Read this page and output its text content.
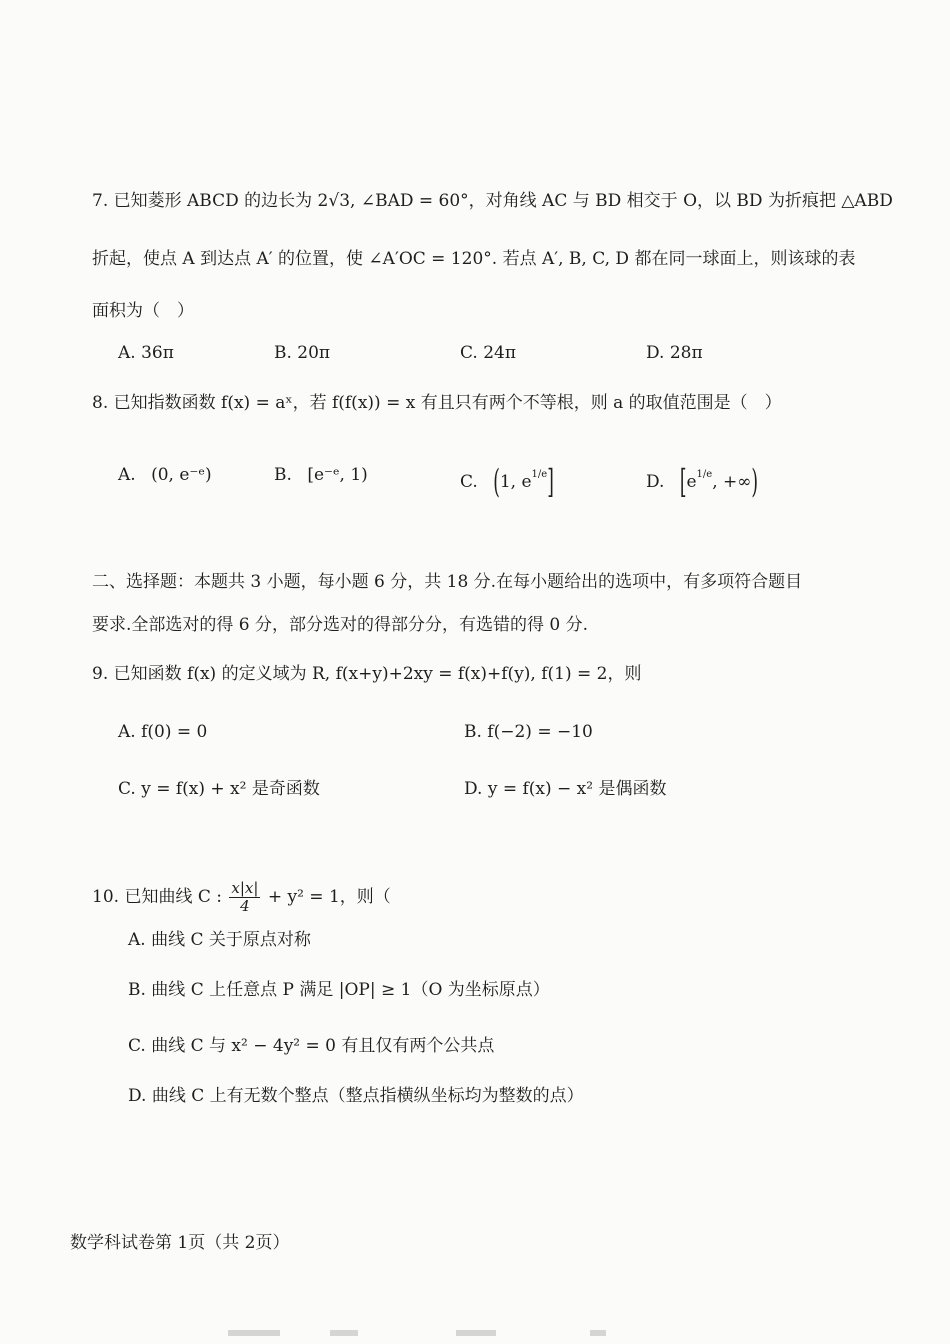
7. 已知菱形 ABCD 的边长为 2√3, ∠BAD = 60°，对角线 AC 与 BD 相交于 O，以 BD 为折痕把 △ABD
折起，使点 A 到达点 A′ 的位置，使 ∠A′OC = 120°. 若点 A′, B, C, D 都在同一球面上，则该球的表
面积为（　）
A. 36π	B. 20π	C. 24π	D. 28π
8. 已知指数函数 f(x) = aˣ，若 f(f(x)) = x 有且只有两个不等根，则 a 的取值范围是（　）
A. (0, e⁻ᵉ)	B. [e⁻ᵉ, 1)	C. (1, $e^{1/e}$]	D. [$e^{1/e}$, +∞)
二、选择题：本题共 3 小题，每小题 6 分，共 18 分.在每小题给出的选项中，有多项符合题目
要求.全部选对的得 6 分，部分选对的得部分分，有选错的得 0 分.
9. 已知函数 f(x) 的定义域为 R, f(x+y)+2xy = f(x)+f(y), f(1) = 2，则
A. f(0) = 0	B. f(−2) = −10
C. y = f(x) + x² 是奇函数	D. y = f(x) − x² 是偶函数
10. 已知曲线 C : $\frac{x|x|}{4} + y^2 = 1$，则（
A. 曲线 C 关于原点对称
B. 曲线 C 上任意点 P 满足 |OP| ≥ 1（O 为坐标原点）
C. 曲线 C 与 x² − 4y² = 0 有且仅有两个公共点
D. 曲线 C 上有无数个整点（整点指横纵坐标均为整数的点）
数学科试卷第 1页（共 2页）
